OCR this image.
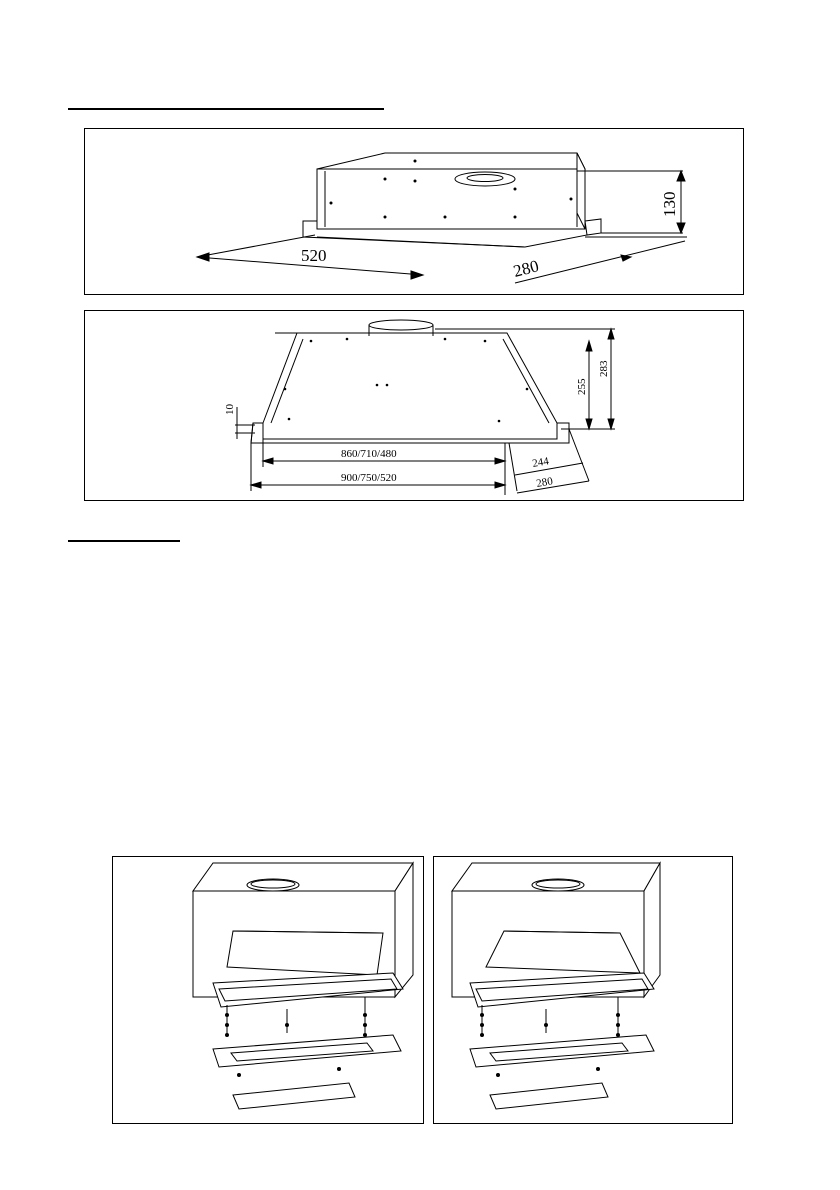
520
280
130
10
860/710/480
900/750/520
244
280
255
283
